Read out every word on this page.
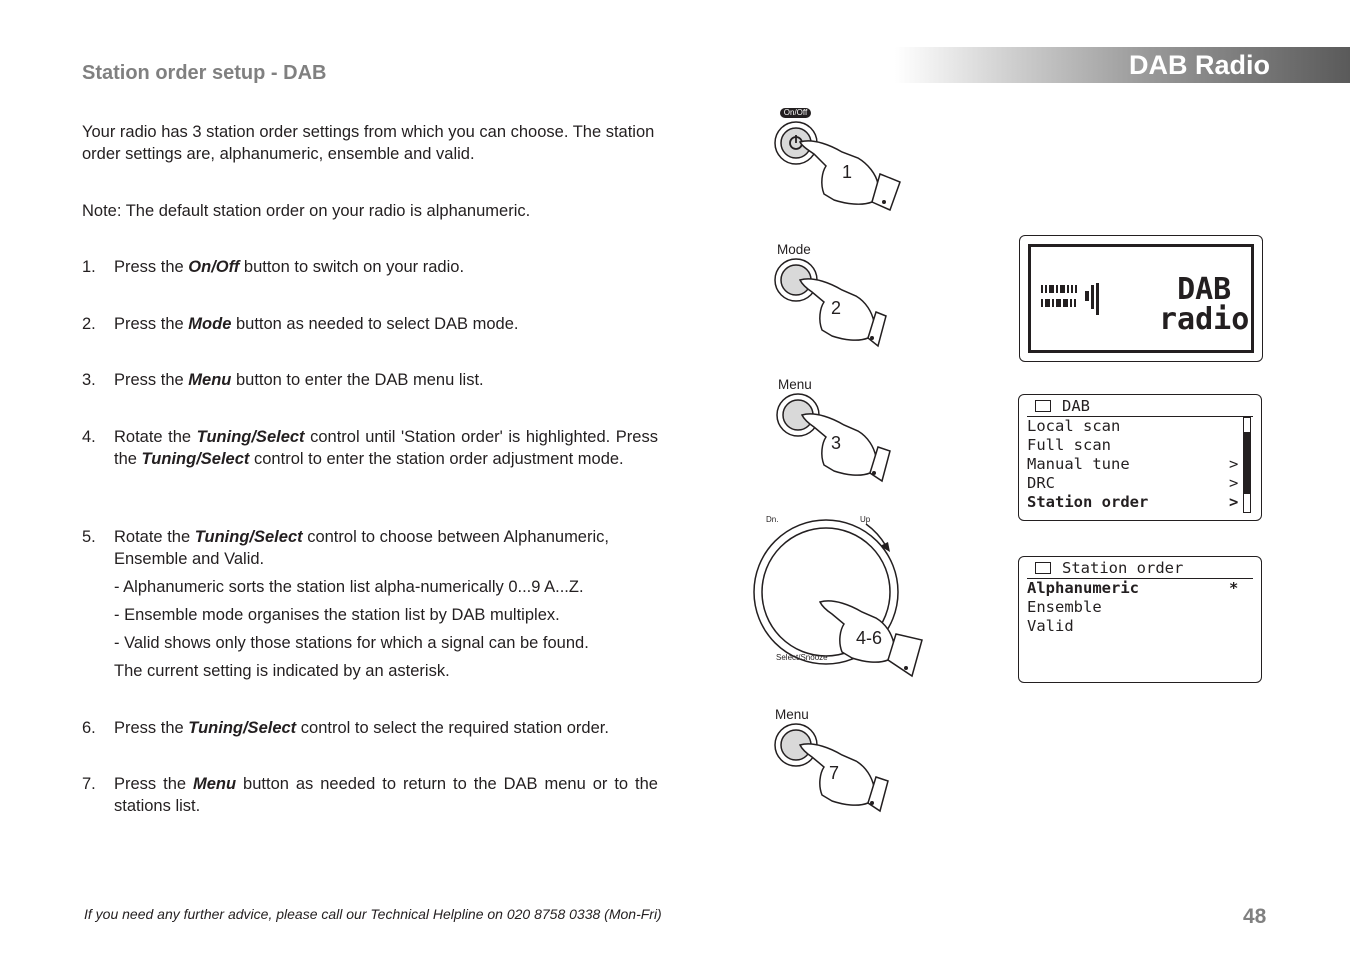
DAB Radio
Station order setup - DAB
Your radio has 3 station order settings from which you can choose. The station order settings are, alphanumeric, ensemble and valid.
Note: The default station order on your radio is alphanumeric.
1. Press the On/Off button to switch on your radio.
2. Press the Mode button as needed to select DAB mode.
3. Press the Menu button to enter the DAB menu list.
4. Rotate the Tuning/Select control until 'Station order' is highlighted. Press the Tuning/Select control to enter the station order adjustment mode.
5. Rotate the Tuning/Select control to choose between Alphanumeric, Ensemble and Valid.
- Alphanumeric sorts the station list alpha-numerically 0...9 A...Z.
- Ensemble mode organises the station list by DAB multiplex.
- Valid shows only those stations for which a signal can be found.
The current setting is indicated by an asterisk.
6. Press the Tuning/Select control to select the required station order.
7. Press the Menu button as needed to return to the DAB menu or to the stations list.
On/Off
1
Mode
2
Menu
3
Dn.	Up
4-6
Select/Snooze
Menu
7
DAB
radio
DAB
Local scan
Full scan
Manual tune	>
DRC	>
Station order	>
Station order
Alphanumeric	*
Ensemble
Valid
If you need any further advice, please call our Technical Helpline on 020 8758 0338 (Mon-Fri)	48
